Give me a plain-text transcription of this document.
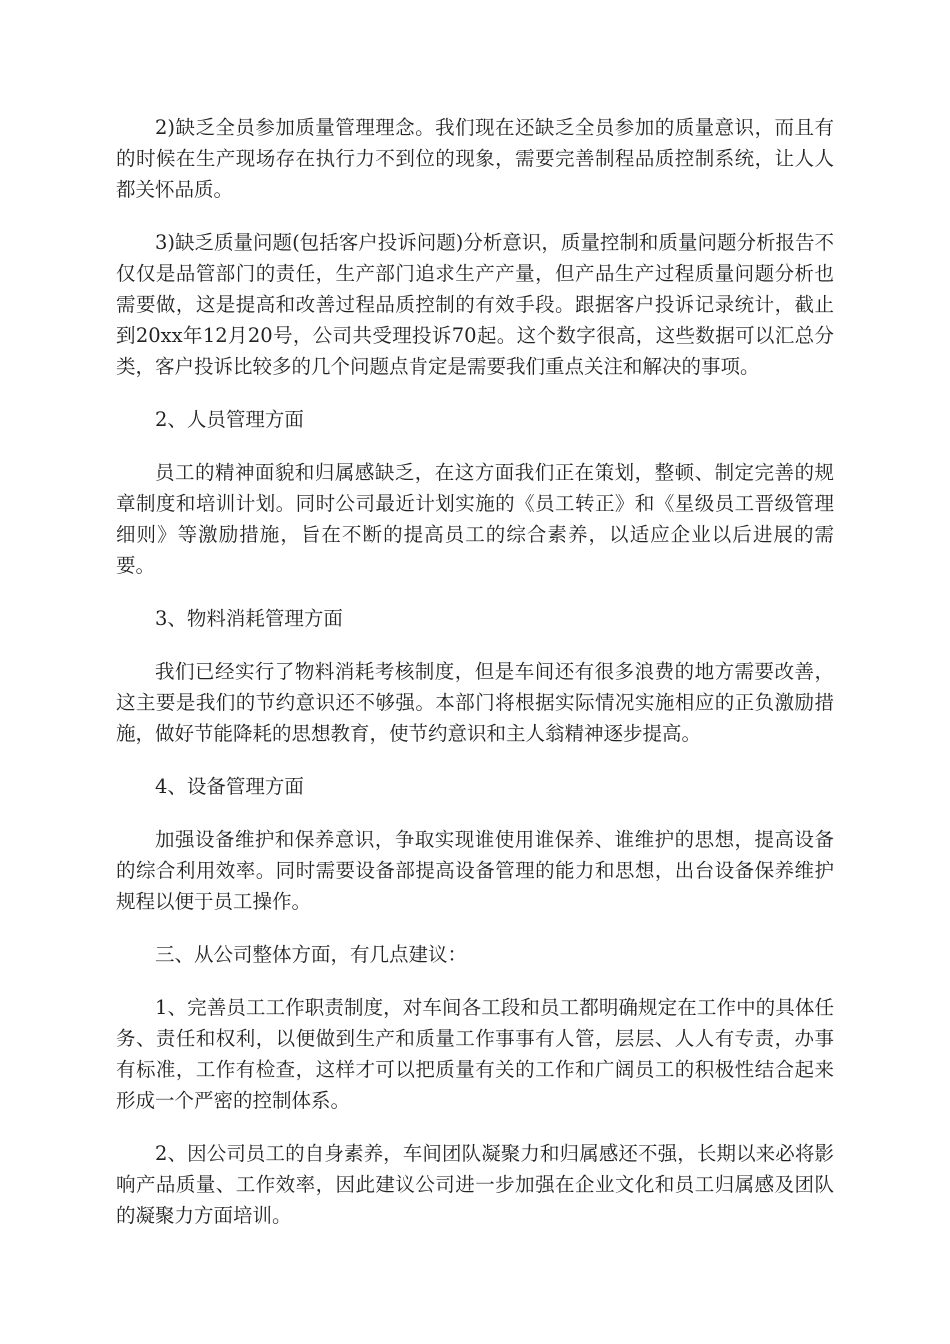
2)缺乏全员参加质量管理理念。我们现在还缺乏全员参加的质量意识，而且有的时候在生产现场存在执行力不到位的现象，需要完善制程品质控制系统，让人人都关怀品质。

3)缺乏质量问题(包括客户投诉问题)分析意识，质量控制和质量问题分析报告不仅仅是品管部门的责任，生产部门追求生产产量，但产品生产过程质量问题分析也需要做，这是提高和改善过程品质控制的有效手段。跟据客户投诉记录统计，截止到20xx年12月20号，公司共受理投诉70起。这个数字很高，这些数据可以汇总分类，客户投诉比较多的几个问题点肯定是需要我们重点关注和解决的事项。

2、人员管理方面

员工的精神面貌和归属感缺乏，在这方面我们正在策划，整顿、制定完善的规章制度和培训计划。同时公司最近计划实施的《员工转正》和《星级员工晋级管理细则》等激励措施，旨在不断的提高员工的综合素养，以适应企业以后进展的需要。

3、物料消耗管理方面

我们已经实行了物料消耗考核制度，但是车间还有很多浪费的地方需要改善，这主要是我们的节约意识还不够强。本部门将根据实际情况实施相应的正负激励措施，做好节能降耗的思想教育，使节约意识和主人翁精神逐步提高。

4、设备管理方面

加强设备维护和保养意识，争取实现谁使用谁保养、谁维护的思想，提高设备的综合利用效率。同时需要设备部提高设备管理的能力和思想，出台设备保养维护规程以便于员工操作。

三、从公司整体方面，有几点建议：

1、完善员工工作职责制度，对车间各工段和员工都明确规定在工作中的具体任务、责任和权利，以便做到生产和质量工作事事有人管，层层、人人有专责，办事有标准，工作有检查，这样才可以把质量有关的工作和广阔员工的积极性结合起来形成一个严密的控制体系。

2、因公司员工的自身素养，车间团队凝聚力和归属感还不强，长期以来必将影响产品质量、工作效率，因此建议公司进一步加强在企业文化和员工归属感及团队的凝聚力方面培训。
